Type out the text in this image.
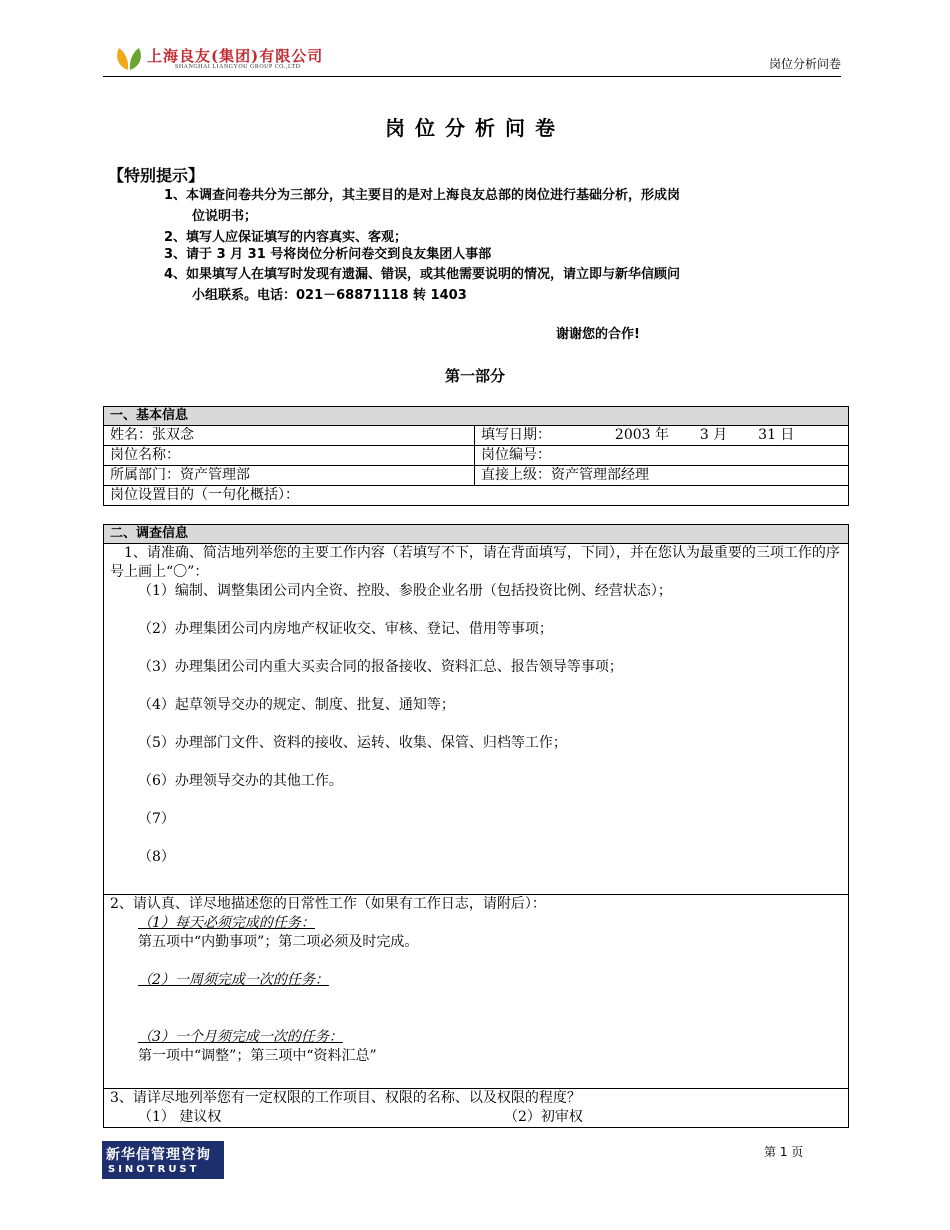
上海良友(集团)有限公司
SHANGHAI LIANGYOU GROUP CO.,LTD	岗位分析问卷
岗位分析问卷
【特别提示】
1、本调查问卷共分为三部分，其主要目的是对上海良友总部的岗位进行基础分析，形成岗
位说明书；
2、填写人应保证填写的内容真实、客观；
3、请于 3 月 31 号将岗位分析问卷交到良友集团人事部
4、如果填写人在填写时发现有遗漏、错误，或其他需要说明的情况，请立即与新华信顾问
小组联系。电话：021－68871118 转 1403
谢谢您的合作!
第一部分
一、基本信息	
姓名：张双念	填写日期： 2003 年 3 月 31 日
岗位名称：	岗位编号：
所属部门：资产管理部	直接上级：资产管理部经理
岗位设置目的（一句化概括）：	
二、调查信息

1、请准确、简洁地列举您的主要工作内容（若填写不下，请在背面填写，下同），并在您认为最重要的三项工作的序号上画上“〇”：
（1）编制、调整集团公司内全资、控股、参股企业名册（包括投资比例、经营状态）；
（2）办理集团公司内房地产权证收交、审核、登记、借用等事项；
（3）办理集团公司内重大买卖合同的报备接收、资料汇总、报告领导等事项；
（4）起草领导交办的规定、制度、批复、通知等；
（5）办理部门文件、资料的接收、运转、收集、保管、归档等工作；
（6）办理领导交办的其他工作。
（7）
（8）

2、请认真、详尽地描述您的日常性工作（如果有工作日志，请附后）：
（1）每天必须完成的任务：
第五项中“内勤事项”；第二项必须及时完成。
（2）一周须完成一次的任务：
（3）一个月须完成一次的任务：
第一项中“调整”；第三项中“资料汇总”

3、请详尽地列举您有一定权限的工作项目、权限的名称、以及权限的程度？
（1） 建议权	（2）初审权
新华信管理咨询
SINOTRUST
第 1 页
